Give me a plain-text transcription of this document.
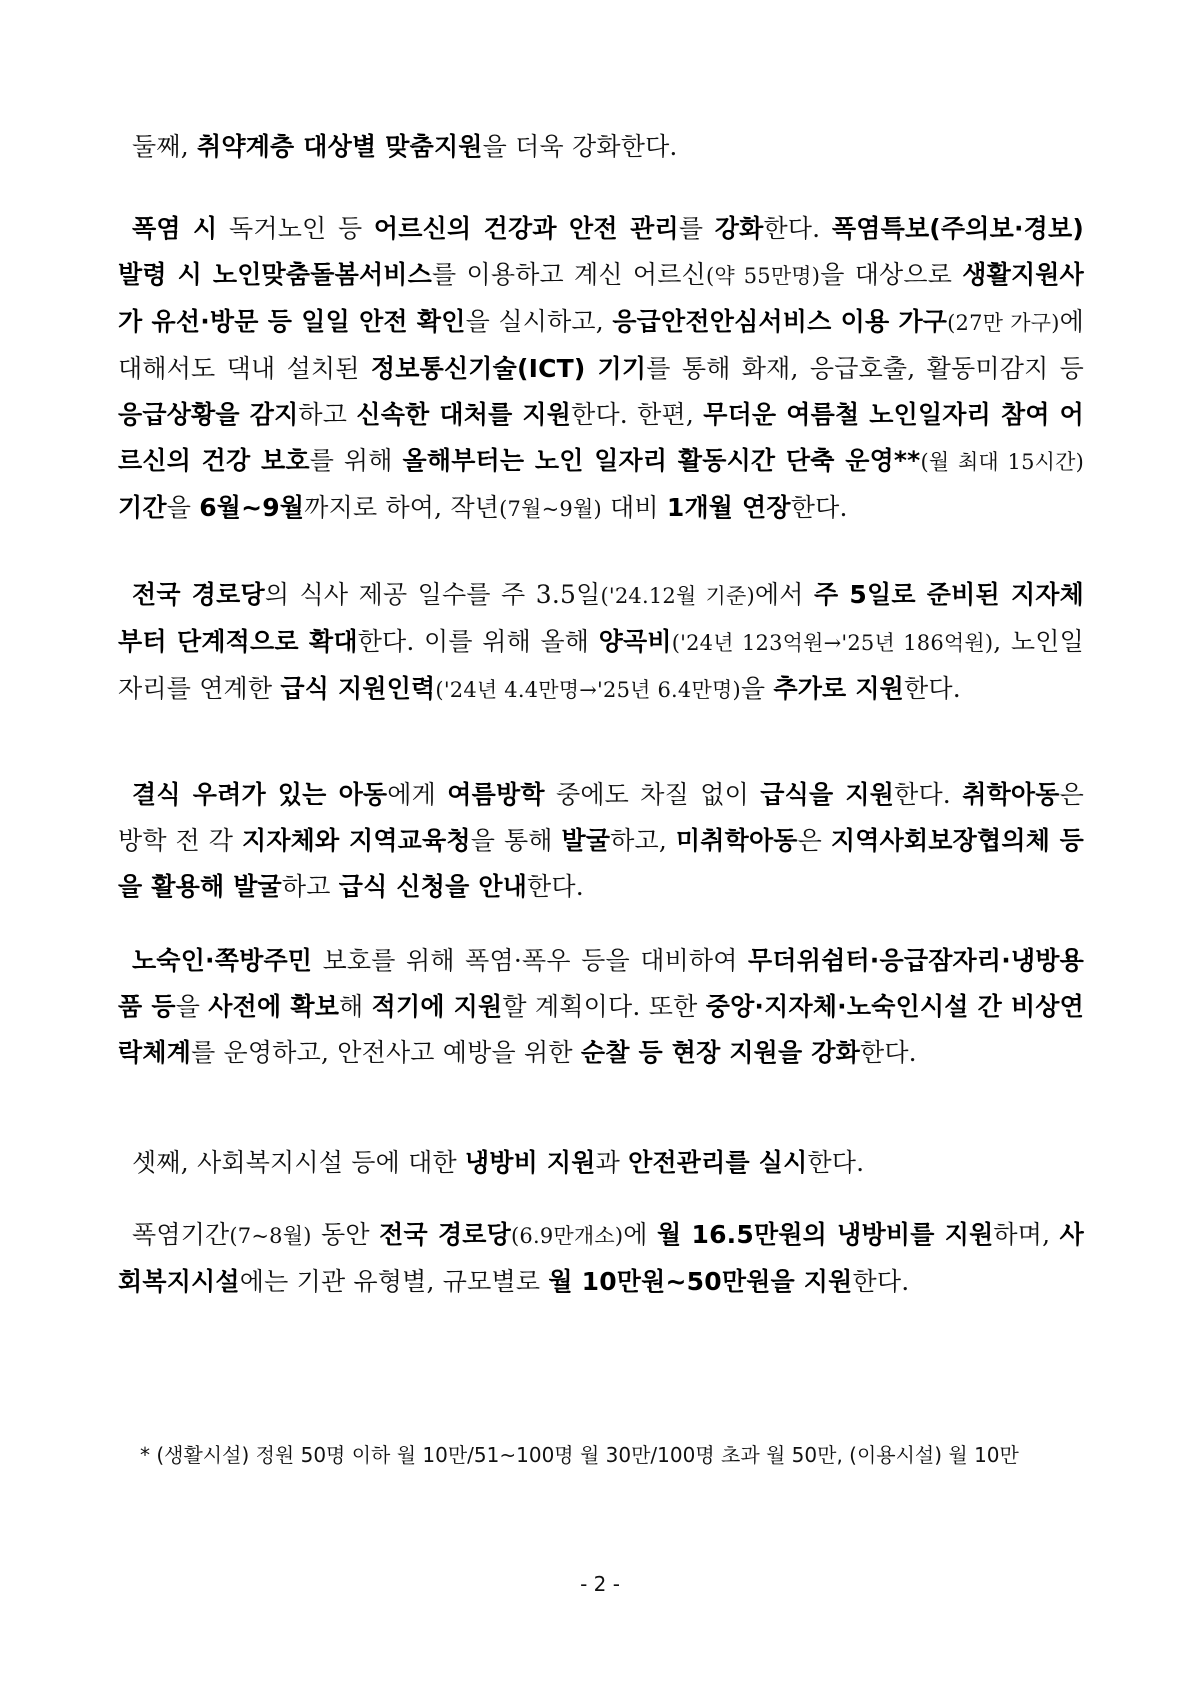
둘째, 취약계층 대상별 맞춤지원을 더욱 강화한다.

폭염 시 독거노인 등 어르신의 건강과 안전 관리를 강화한다. 폭염특보(주의보·경보) 발령 시 노인맞춤돌봄서비스를 이용하고 계신 어르신(약 55만명)을 대상으로 생활지원사가 유선·방문 등 일일 안전 확인을 실시하고, 응급안전안심서비스 이용 가구(27만 가구)에 대해서도 댁내 설치된 정보통신기술(ICT) 기기를 통해 화재, 응급호출, 활동미감지 등 응급상황을 감지하고 신속한 대처를 지원한다. 한편, 무더운 여름철 노인일자리 참여 어르신의 건강 보호를 위해 올해부터는 노인 일자리 활동시간 단축 운영**(월 최대 15시간) 기간을 6월~9월까지로 하여, 작년(7월~9월) 대비 1개월 연장한다.

전국 경로당의 식사 제공 일수를 주 3.5일('24.12월 기준)에서 주 5일로 준비된 지자체부터 단계적으로 확대한다. 이를 위해 올해 양곡비('24년 123억원→'25년 186억원), 노인일자리를 연계한 급식 지원인력('24년 4.4만명→'25년 6.4만명)을 추가로 지원한다.

결식 우려가 있는 아동에게 여름방학 중에도 차질 없이 급식을 지원한다. 취학아동은 방학 전 각 지자체와 지역교육청을 통해 발굴하고, 미취학아동은 지역사회보장협의체 등을 활용해 발굴하고 급식 신청을 안내한다.

노숙인·쪽방주민 보호를 위해 폭염·폭우 등을 대비하여 무더위쉼터·응급잠자리·냉방용품 등을 사전에 확보해 적기에 지원할 계획이다. 또한 중앙·지자체·노숙인시설 간 비상연락체계를 운영하고, 안전사고 예방을 위한 순찰 등 현장 지원을 강화한다.

셋째, 사회복지시설 등에 대한 냉방비 지원과 안전관리를 실시한다.

폭염기간(7~8월) 동안 전국 경로당(6.9만개소)에 월 16.5만원의 냉방비를 지원하며, 사회복지시설에는 기관 유형별, 규모별로 월 10만원~50만원을 지원한다.

* (생활시설) 정원 50명 이하 월 10만/51~100명 월 30만/100명 초과 월 50만, (이용시설) 월 10만

- 2 -
